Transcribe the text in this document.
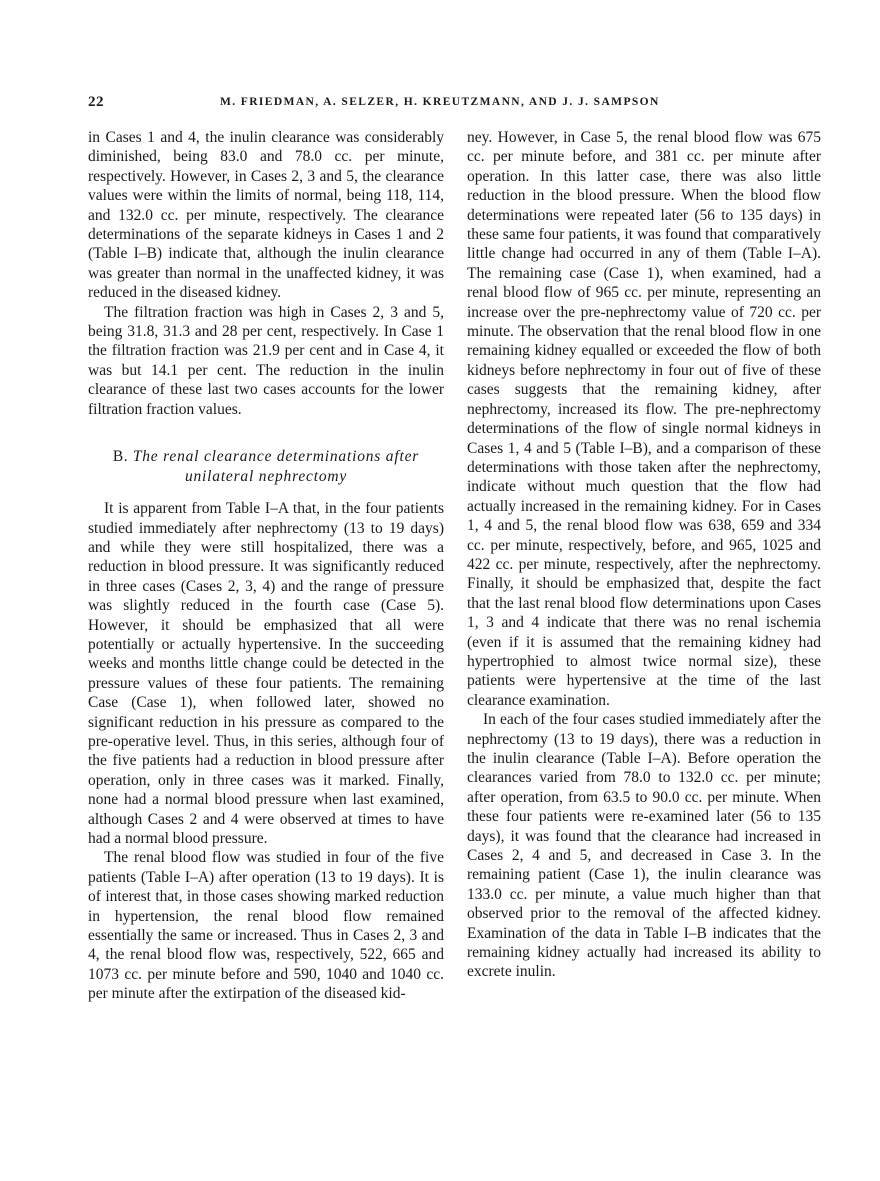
22	M. FRIEDMAN, A. SELZER, H. KREUTZMANN, AND J. J. SAMPSON

in Cases 1 and 4, the inulin clearance was considerably diminished, being 83.0 and 78.0 cc. per minute, respectively. However, in Cases 2, 3 and 5, the clearance values were within the limits of normal, being 118, 114, and 132.0 cc. per minute, respectively. The clearance determinations of the separate kidneys in Cases 1 and 2 (Table I–B) indicate that, although the inulin clearance was greater than normal in the unaffected kidney, it was reduced in the diseased kidney.

The filtration fraction was high in Cases 2, 3 and 5, being 31.8, 31.3 and 28 per cent, respectively. In Case 1 the filtration fraction was 21.9 per cent and in Case 4, it was but 14.1 per cent. The reduction in the inulin clearance of these last two cases accounts for the lower filtration fraction values.

B. The renal clearance determinations after
unilateral nephrectomy

It is apparent from Table I–A that, in the four patients studied immediately after nephrectomy (13 to 19 days) and while they were still hospitalized, there was a reduction in blood pressure. It was significantly reduced in three cases (Cases 2, 3, 4) and the range of pressure was slightly reduced in the fourth case (Case 5). However, it should be emphasized that all were potentially or actually hypertensive. In the succeeding weeks and months little change could be detected in the pressure values of these four patients. The remaining Case (Case 1), when followed later, showed no significant reduction in his pressure as compared to the pre-operative level. Thus, in this series, although four of the five patients had a reduction in blood pressure after operation, only in three cases was it marked. Finally, none had a normal blood pressure when last examined, although Cases 2 and 4 were observed at times to have had a normal blood pressure.

The renal blood flow was studied in four of the five patients (Table I–A) after operation (13 to 19 days). It is of interest that, in those cases showing marked reduction in hypertension, the renal blood flow remained essentially the same or increased. Thus in Cases 2, 3 and 4, the renal blood flow was, respectively, 522, 665 and 1073 cc. per minute before and 590, 1040 and 1040 cc. per minute after the extirpation of the diseased kid-

ney. However, in Case 5, the renal blood flow was 675 cc. per minute before, and 381 cc. per minute after operation. In this latter case, there was also little reduction in the blood pressure. When the blood flow determinations were repeated later (56 to 135 days) in these same four patients, it was found that comparatively little change had occurred in any of them (Table I–A). The remaining case (Case 1), when examined, had a renal blood flow of 965 cc. per minute, representing an increase over the pre-nephrectomy value of 720 cc. per minute. The observation that the renal blood flow in one remaining kidney equalled or exceeded the flow of both kidneys before nephrectomy in four out of five of these cases suggests that the remaining kidney, after nephrectomy, increased its flow. The pre-nephrectomy determinations of the flow of single normal kidneys in Cases 1, 4 and 5 (Table I–B), and a comparison of these determinations with those taken after the nephrectomy, indicate without much question that the flow had actually increased in the remaining kidney. For in Cases 1, 4 and 5, the renal blood flow was 638, 659 and 334 cc. per minute, respectively, before, and 965, 1025 and 422 cc. per minute, respectively, after the nephrectomy. Finally, it should be emphasized that, despite the fact that the last renal blood flow determinations upon Cases 1, 3 and 4 indicate that there was no renal ischemia (even if it is assumed that the remaining kidney had hypertrophied to almost twice normal size), these patients were hypertensive at the time of the last clearance examination.

In each of the four cases studied immediately after the nephrectomy (13 to 19 days), there was a reduction in the inulin clearance (Table I–A). Before operation the clearances varied from 78.0 to 132.0 cc. per minute; after operation, from 63.5 to 90.0 cc. per minute. When these four patients were re-examined later (56 to 135 days), it was found that the clearance had increased in Cases 2, 4 and 5, and decreased in Case 3. In the remaining patient (Case 1), the inulin clearance was 133.0 cc. per minute, a value much higher than that observed prior to the removal of the affected kidney. Examination of the data in Table I–B indicates that the remaining kidney actually had increased its ability to excrete inulin.
